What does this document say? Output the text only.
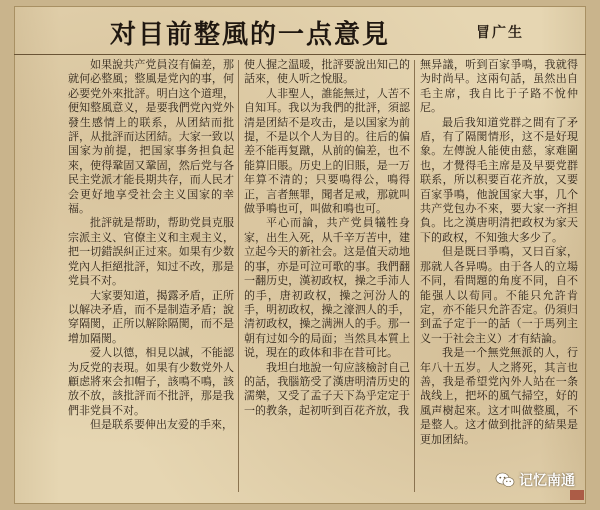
对目前整風的一点意見	冒广生

如果說共产党員沒有偏差，那就何必整風；整風是党內的事，何必要党外來批評。明白这个道理，便知整風意义，是要我們党內党外發生感情上的联系，从团結而批評，从批評而达团結。大家一致以国家为前提，把国家事务担負起來，使得鞏固又鞏固，然后党与各民主党派才能長期共存，而人民才会更好地享受社会主义国家的幸福。

批評就是帮助，帮助党員克服宗派主义、官僚主义和主观主义，把一切錯誤糾正过來。如果有少数党內人拒絕批評，知过不改，那是党員不对。

大家要知道，揭露矛盾，正所以解决矛盾，而不是制造矛盾；說穿隔閡，正所以解除隔閡，而不是增加隔閡。

爱人以德，相見以誠，不能認为反党的表現。如果有少数党外人顧虑將來会扣帽子，該鳴不鳴，該放不放，該批評而不批評，那是我們非党員不对。

但是联系要伸出友爱的手來，

使人握之温暖，批評要說出知己的話來，使人听之悅服。

人非聖人，誰能無过，人苦不自知耳。我以为我們的批評，須認清是团結不是攻击，是以国家为前提，不是以个人为目的。往后的偏差不能再复蹴，从前的偏差，也不能算旧賬。历史上的旧賬，是一万年算不清的；只要鳴得公，鳴得正，言者無罪，聞者足戒，那就叫做爭鳴也可，叫做和鳴也可。

平心而論，共产党員犠牲身家，出生入死，从千辛万苦中，建立起今天的新社会。这是值天动地的事，亦是可泣可歌的事。我們翻一翻历史，漢初政权，操之手沛人的手，唐初政权，操之河汾人的手，明初政权，操之濠泗人的手，清初政权，操之满洲人的手。那一朝有过如今的局面；当然具本質上说，現在的政体和非在昔可比。

我坦白地說一句应該檢討自己的話，我腦筋受了漢唐明清历史的濡樂，又受了孟子天下為乎定定于一的教条，起初听到百花齐放，我

無异議，听到百家爭鳴，我就得为时尚早。这兩句話，虽然出自毛主席，我自比于子路不悅仲尼。

最后我知道党群之間有了矛盾，有了隔閡情形，这不是好現象。左傳說人能使由慈，家难圍也，才覺得毛主席是及早要党群联系，所以积要百花齐放，又要百家爭鳴，他說国家大事，几个共产党包办不來，要大家一齐担負。比之漢唐明清把政权为家天下的政权，不知強大多少了。

但是既曰爭鳴，又曰百家，那就人各异鳴。由于各人的立場不同，看問題的角度不同，自不能强人以荀同。不能只允許肯定，亦不能只允許否定。仍須归到孟子定于一的話（一于馬列主义一于社会主义）才有結論。

我是一个無党無派的人，行年八十五岁。人之將死，其言也善，我是希望党內外人站在一条战线上，把坏的風气掃空，好的風声樹起來。这才叫做整風，不是整人。这才做到批評的結果是更加团結。

记忆南通
